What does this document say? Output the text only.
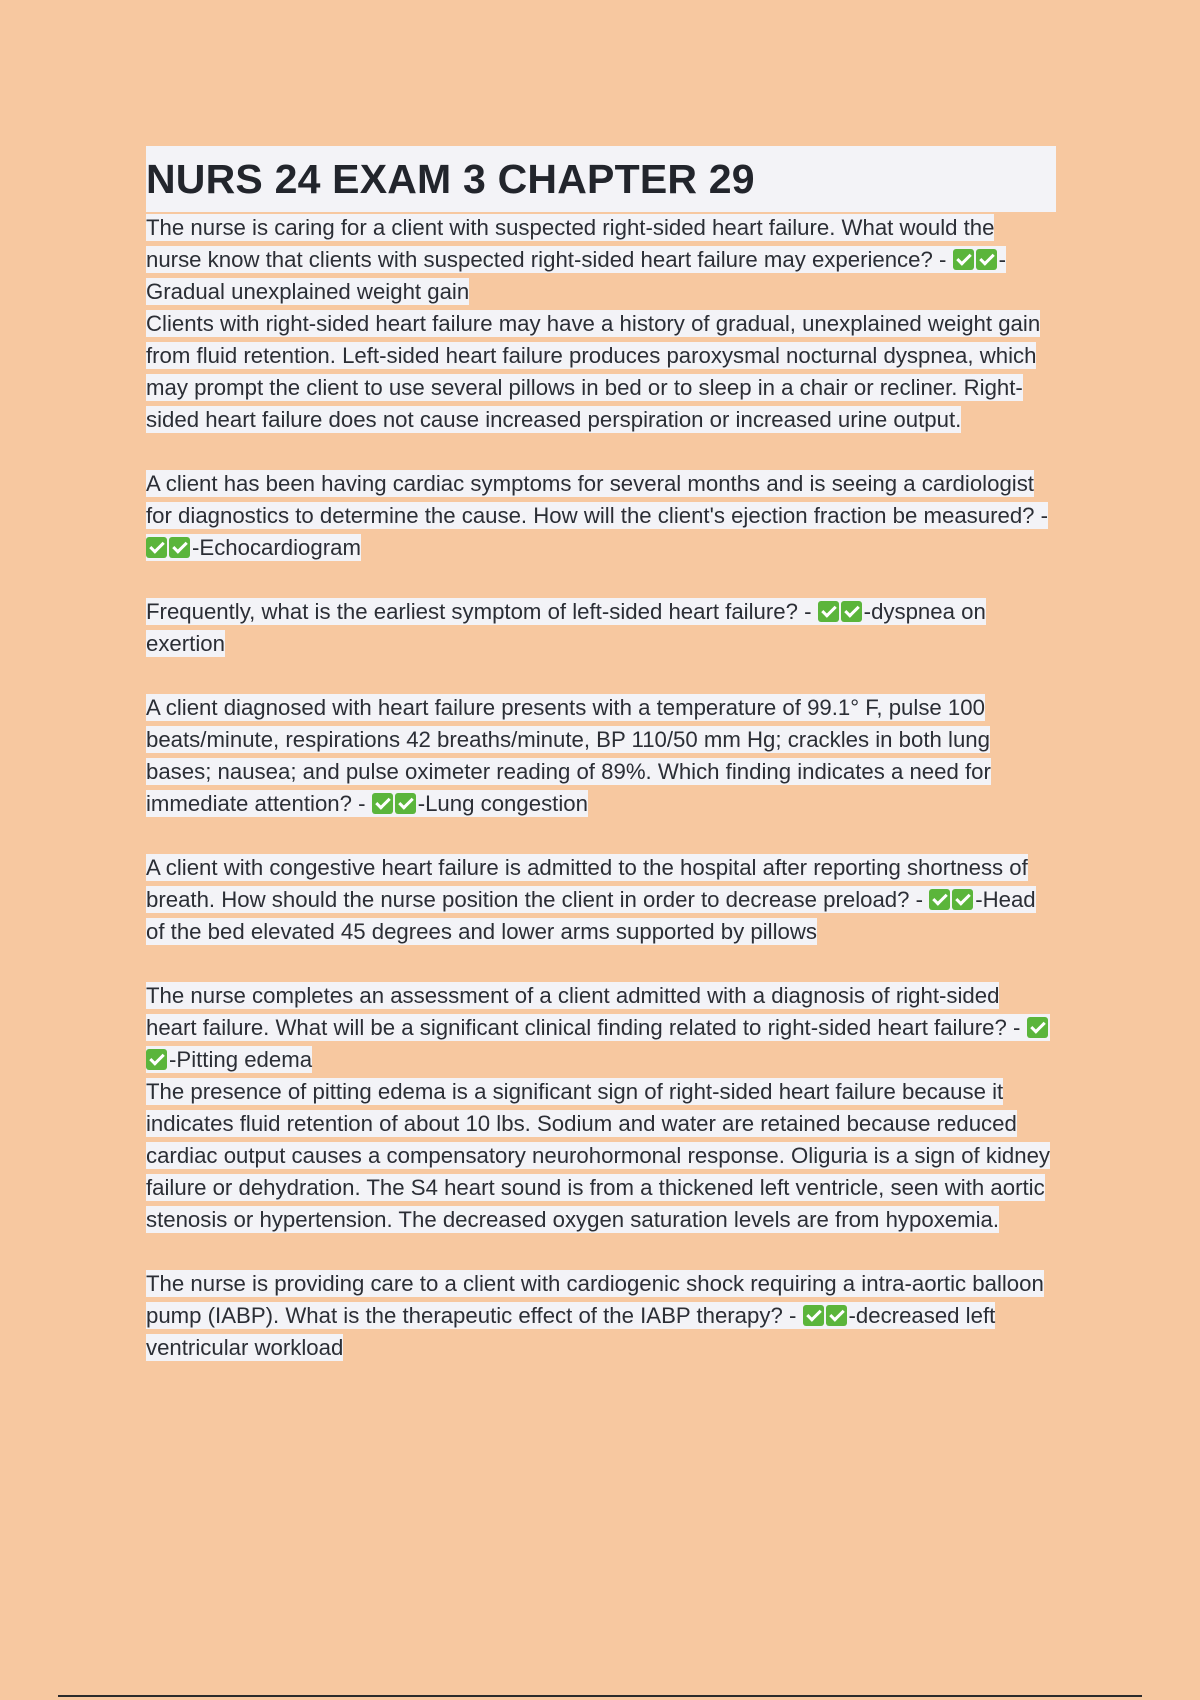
NURS 24 EXAM 3 CHAPTER 29
The nurse is caring for a client with suspected right-sided heart failure. What would the nurse know that clients with suspected right-sided heart failure may experience? - -Gradual unexplained weight gain
Clients with right-sided heart failure may have a history of gradual, unexplained weight gain from fluid retention. Left-sided heart failure produces paroxysmal nocturnal dyspnea, which may prompt the client to use several pillows in bed or to sleep in a chair or recliner. Right-sided heart failure does not cause increased perspiration or increased urine output.
A client has been having cardiac symptoms for several months and is seeing a cardiologist for diagnostics to determine the cause. How will the client's ejection fraction be measured? - -Echocardiogram
Frequently, what is the earliest symptom of left-sided heart failure? - -dyspnea on exertion
A client diagnosed with heart failure presents with a temperature of 99.1° F, pulse 100 beats/minute, respirations 42 breaths/minute, BP 110/50 mm Hg; crackles in both lung bases; nausea; and pulse oximeter reading of 89%. Which finding indicates a need for immediate attention? - -Lung congestion
A client with congestive heart failure is admitted to the hospital after reporting shortness of breath. How should the nurse position the client in order to decrease preload? - -Head of the bed elevated 45 degrees and lower arms supported by pillows
The nurse completes an assessment of a client admitted with a diagnosis of right-sided heart failure. What will be a significant clinical finding related to right-sided heart failure? - -Pitting edema
The presence of pitting edema is a significant sign of right-sided heart failure because it indicates fluid retention of about 10 lbs. Sodium and water are retained because reduced cardiac output causes a compensatory neurohormonal response. Oliguria is a sign of kidney failure or dehydration. The S4 heart sound is from a thickened left ventricle, seen with aortic stenosis or hypertension. The decreased oxygen saturation levels are from hypoxemia.
The nurse is providing care to a client with cardiogenic shock requiring a intra-aortic balloon pump (IABP). What is the therapeutic effect of the IABP therapy? - -decreased left ventricular workload
